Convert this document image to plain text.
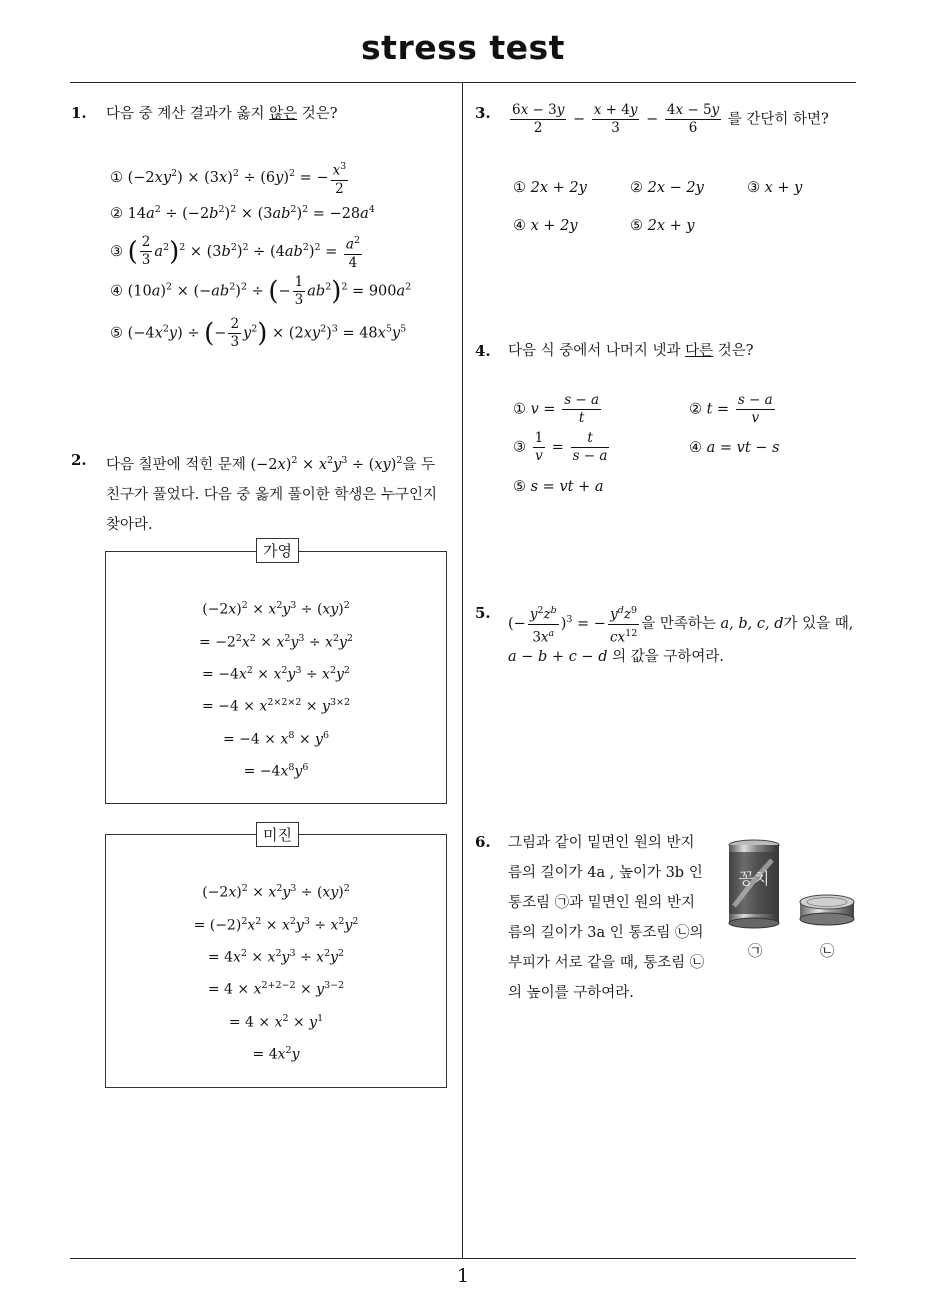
stress test
1
1. 다음 중 계산 결과가 옳지 않은 것은?
① $(-2xy^2) \times (3x)^2 \div (6y)^2$ = − $\frac{x^3}{2}$
② $14a^2 \div (-2b^2)^2 \times (3ab^2)^2 = -28a^4$
③ ( $\frac{2}{3} a^2)^2 \times (3b^2)^2 \div (4ab^2)^2 = \frac{a^2}{4}$
④ $(10a)^2 \times (-ab^2)^2$ ÷ (− $\frac{1}{3} ab^2)^2 = 900a^2$
⑤ $(-4x^2y)$ ÷ (− $\frac{2}{3} y^2) \times (2xy^2)^3 = 48x^5y^5$
2. 다음 칠판에 적힌 문제 $(-2x)^2 \times x^2y^3 \div (xy)^2$을 두
친구가 풀었다. 다음 중 옳게 풀이한 학생은 누구인지
찾아라.
$(-2x)^2 \times x^2y^3 \div (xy)^2$
= $-2^2x^2 \times x^2y^3 \div x^2y^2$
= $-4x^2 \times x^2y^3 \div x^2y^2$
= $-4 \times x^{2\times 2\times 2} \times y^{3\times 2}$
= $-4 \times x^8 \times y^6$
= $-4x^8y^6$
가영
$(-2x)^2 \times x^2y^3 \div (xy)^2$
= $(-2)^2x^2 \times x^2y^3 \div x^2y^2$
= $4x^2 \times x^2y^3 \div x^2y^2$
= $4 \times x^{2+2-2} \times y^{3-2}$
= $4 \times x^2 \times y^1$
= $4x^2y$
미진
3. $\frac{6x - 3y}{2} - \frac{x + 4y}{3} - \frac{4x - 5y}{6}$ 를 간단히 하면?
① 2x + 2y	② 2x − 2y	③ x + y
④ x + 2y	⑤ 2x + y
4. 다음 식 중에서 나머지 넷과 다른 것은?
① $v = \frac{s - a}{t}$	② $t = \frac{s - a}{v}$
③ $\frac{1}{v} = \frac{t}{s - a}$	④ a = vt − s
⑤ s = vt + a
5.
(− $\frac{y^2z^b}{3x^a} )^3$ = − $\frac{y^dz^9}{cx^{12}}$ 을 만족하는 a, b, c, d가 있을 때,
a − b + c − d 의 값을 구하여라.
6. 그림과 같이 밑면인 원의 반지
름의 길이가 4a , 높이가 3b 인
통조림 ㉠과 밑면인 원의 반지
름의 길이가 3a 인 통조림 ㉡의
부피가 서로 같을 때, 통조림 ㉡
의 높이를 구하여라.
꽁치
㉠	㉡
